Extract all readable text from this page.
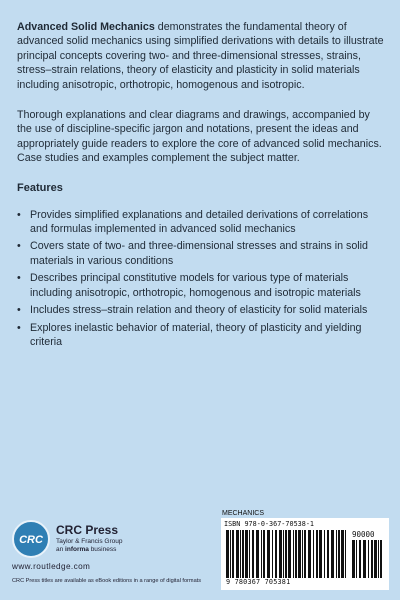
Advanced Solid Mechanics demonstrates the fundamental theory of advanced solid mechanics using simplified derivations with details to illustrate principal concepts covering two- and three-dimensional stresses, strains, stress–strain relations, theory of elasticity and plasticity in solid materials including anisotropic, orthotropic, homogenous and isotropic.

Thorough explanations and clear diagrams and drawings, accompanied by the use of discipline-specific jargon and notations, present the ideas and appropriately guide readers to explore the core of advanced solid mechanics. Case studies and examples complement the subject matter.

Features
• Provides simplified explanations and detailed derivations of correlations and formulas implemented in advanced solid mechanics
• Covers state of two- and three-dimensional stresses and strains in solid materials in various conditions
• Describes principal constitutive models for various type of materials including anisotropic, orthotropic, homogenous and isotropic materials
• Includes stress–strain relation and theory of elasticity for solid materials
• Explores inelastic behavior of material, theory of plasticity and yielding criteria
CRC
CRC Press
Taylor & Francis Group
an informa business
www.routledge.com
CRC Press titles are available as eBook editions in a range of digital formats
MECHANICS
ISBN 978-0-367-70538-1
90000
9 780367 705381
